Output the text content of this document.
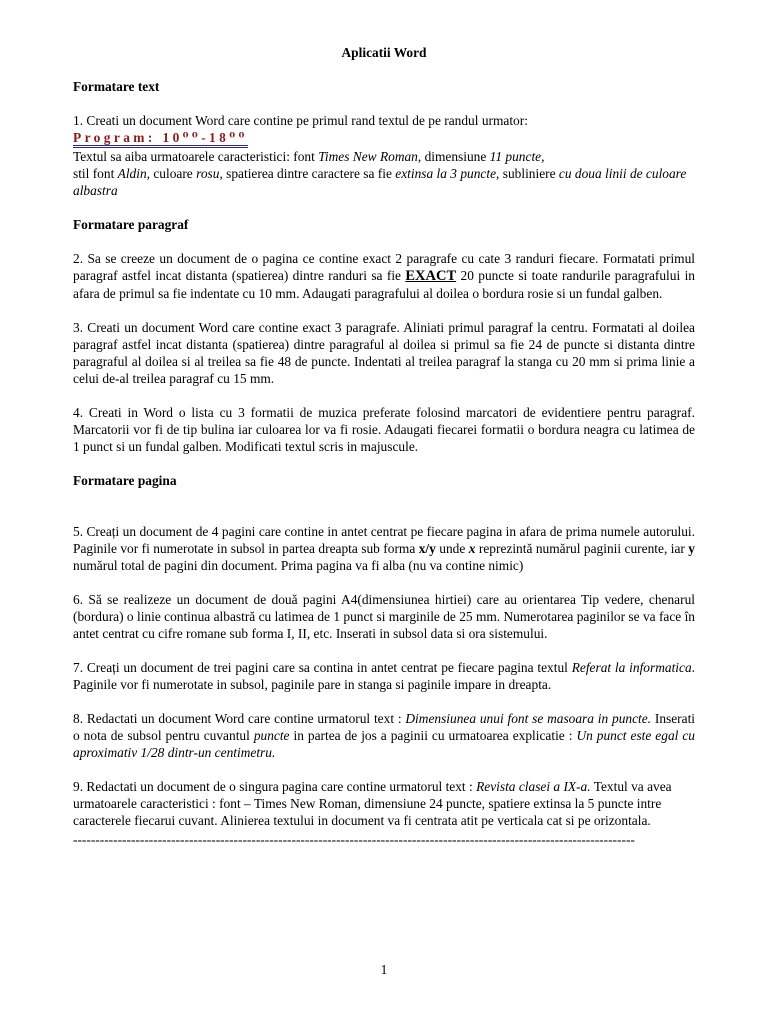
Aplicatii Word

Formatare text

1. Creati un document Word care contine pe primul rand textul de pe randul urmator:

Program: 10⁰⁰-18⁰⁰

Textul sa aiba urmatoarele caracteristici: font Times New Roman, dimensiune 11 puncte,

stil font Aldin, culoare rosu, spatierea dintre caractere sa fie extinsa la 3 puncte, subliniere cu doua linii de culoare albastra

Formatare paragraf

2. Sa se creeze un document de o pagina ce contine exact 2 paragrafe cu cate 3 randuri fiecare. Formatati primul paragraf astfel incat distanta (spatierea) dintre randuri sa fie EXACT 20 puncte si toate randurile paragrafului in afara de primul sa fie indentate cu 10 mm. Adaugati paragrafului al doilea o bordura rosie si un fundal galben.

3. Creati un document Word care contine exact 3 paragrafe. Aliniati primul paragraf la centru. Formatati al doilea paragraf astfel incat distanta (spatierea) dintre paragraful al doilea si primul sa fie 24 de puncte si distanta dintre paragraful al doilea si al treilea sa fie 48 de puncte. Indentati al treilea paragraf la stanga cu 20 mm si prima linie a celui de-al treilea paragraf cu 15 mm.

4. Creati in Word o lista cu 3 formatii de muzica preferate folosind marcatori de evidentiere pentru paragraf. Marcatorii vor fi de tip bulina iar culoarea lor va fi rosie. Adaugati fiecarei formatii o bordura neagra cu latimea de 1 punct si un fundal galben. Modificati textul scris in majuscule.

Formatare pagina

5. Creați un document de 4 pagini care contine in antet centrat pe fiecare pagina in afara de prima numele autorului. Paginile vor fi numerotate in subsol in partea dreapta sub forma x/y unde x reprezintă numărul paginii curente, iar y numărul total de pagini din document. Prima pagina va fi alba (nu va contine nimic)

6. Să se realizeze un document de două pagini A4(dimensiunea hirtiei) care au orientarea Tip vedere, chenarul (bordura) o linie continua albastră cu latimea de 1 punct si marginile de 25 mm. Numerotarea paginilor se va face în antet centrat cu cifre romane sub forma I, II, etc. Inserati in subsol data si ora sistemului.

7. Creați un document de trei pagini care sa contina in antet centrat pe fiecare pagina textul Referat la informatica. Paginile vor fi numerotate in subsol, paginile pare in stanga si paginile impare in dreapta.

8. Redactati un document Word care contine urmatorul text : Dimensiunea unui font se masoara in puncte. Inserati o nota de subsol pentru cuvantul puncte in partea de jos a paginii cu urmatoarea explicatie : Un punct este egal cu aproximativ 1/28 dintr-un centimetru.

9. Redactati un document de o singura pagina care contine urmatorul text : Revista clasei a IX-a. Textul va avea urmatoarele caracteristici : font – Times New Roman, dimensiune 24 puncte, spatiere extinsa la 5 puncte intre caracterele fiecarui cuvant. Alinierea textului in document va fi centrata atit pe verticala cat si pe orizontala.

------------------------------------------------------------------------------------------------------------------------------

1
